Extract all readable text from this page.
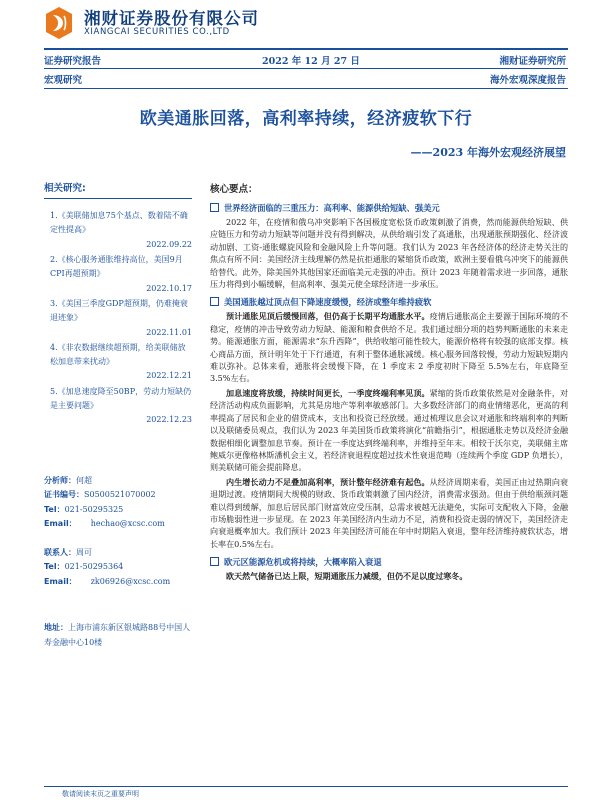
湘财证券股份有限公司
XIANGCAI SECURITIES CO.,LTD
证券研究报告	2022 年 12 月 27 日	湘财证券研究所
宏观研究	海外宏观深度报告
欧美通胀回落，高利率持续，经济疲软下行
——2023 年海外宏观经济展望
相关研究:
1.《美联储加息75个基点、数着陆不确定性提高》
2022.09.22
2.《核心服务通胀维持高位，美国9月CPI再超预期》
2022.10.17
3.《美国三季度GDP超预期，仍难掩衰退迹象》
2022.11.01
4.《非农数据继续超预期，给美联储放松加息带来扰动》
2022.12.21
5.《加息速度降至50BP，劳动力短缺仍是主要问题》
2022.12.23
分析师：何超
证书编号：S0500521070002
Tel：021-50295325
Email： hechao@xcsc.com
联系人：周可
Tel：021-50295364
Email： zk06926@xcsc.com
地址：上海市浦东新区银城路88号中国人寿金融中心10楼
核心要点：
世界经济面临的三重压力：高利率、能源供给短缺、强美元

2022 年，在疫情和俄乌冲突影响下各国极度宽松货币政策刺激了消费，然而能源供给短缺、供应链压力和劳动力短缺等问题并没有得到解决，从供给端引发了高通胀，出现通胀预期强化、经济波动加剧、工资-通胀螺旋风险和金融风险上升等问题。我们认为 2023 年各经济体的经济走势关注的焦点有所不同：美国经济主线理解仍然是抗拒通胀的紧缩货币政策，欧洲主要看俄乌冲突下的能源供给替代。此外，除美国外其他国家还面临美元走强的冲击。预计 2023 年随着需求进一步回落，通胀压力将得到小幅缓解，但高利率、强美元使全球经济进一步承压。

美国通胀越过顶点但下降速度缓慢，经济或整年维持疲软

预计通胀见顶后缓慢回落，但仍高于长期平均通胀水平。疫情后通胀高企主要源于国际环境的不稳定，疫情的冲击导致劳动力短缺、能源和粮食供给不足。我们通过细分项的趋势判断通胀的未来走势。能源通胀方面，能源需求“东升西降”，供给收缩可能性较大，能源价格将有较强的底部支撑。核心商品方面，预计明年处于下行通道，有利于整体通胀减缓。核心服务回落较慢，劳动力短缺短期内难以弥补。总体来看，通胀将会缓慢下降，在 1 季度末 2 季度初时下降至 5.5%左右，年底降至 3.5%左右。

加息速度将放缓，持续时间更长，一季度终端利率见顶。紧缩的货币政策依然是对金融条件，对经济活动构成负面影响，尤其是房地产等利率敏感部门。大多数经济部门的商业情绪恶化，更高的利率提高了居民和企业的借贷成本，支出和投资已经放缓。通过梳理议息会议对通胀和终端利率的判断以及联储委员观点，我们认为 2023 年美国货币政策将演化“前瞻指引”，根据通胀走势以及经济金融数据相细化调整加息节奏。预计在一季度达到终端利率，并维持至年末。相较于沃尔克，美联储主席鲍威尔更像格林斯潘机会主义，若经济衰退程度超过技术性衰退范畴（连续两个季度 GDP 负增长），则美联储可能会提前降息。

内生增长动力不足叠加高利率，预计整年经济难有起色。从经济周期来看，美国正由过热期向衰退期过渡。疫情期间大规模的财政、货币政策刺激了国内经济，消费需求强劲。但由于供给瓶颈问题难以得到缓解，加息后居民部门财富效应受压制，总需求被越无法避免，实际可支配收入下降，金融市场脆弱性进一步显现。在 2023 年美国经济内生动力不足，消费和投资走弱的情况下，美国经济走向衰退概率加大。我们预计 2023 年美国经济可能在年中时期陷入衰退，整年经济维持疲软状态，增长率在0.5%左右。

欧元区能源危机或将持续，大概率陷入衰退

欧天然气储备已达上限，短期通胀压力减缓，但仍不足以度过寒冬。

敬请阅读末页之重要声明
